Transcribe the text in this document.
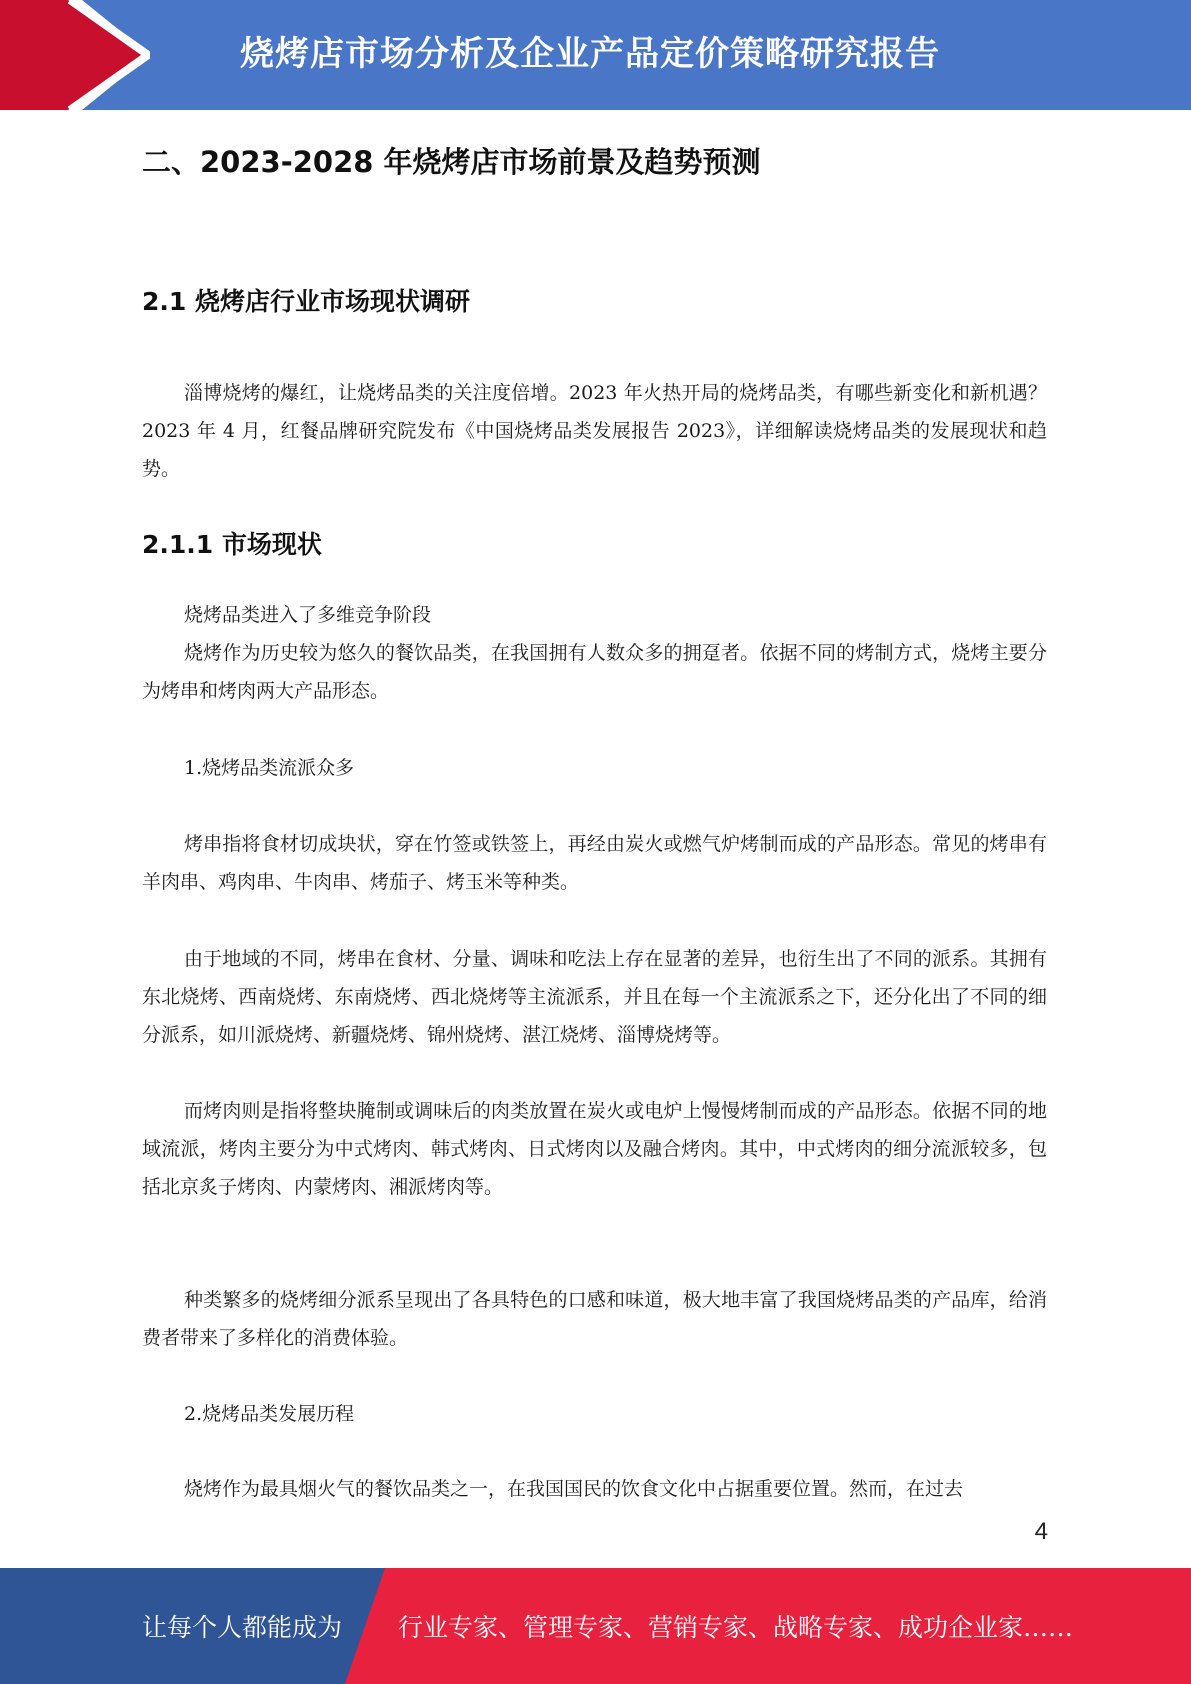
烧烤店市场分析及企业产品定价策略研究报告
二、2023-2028 年烧烤店市场前景及趋势预测
2.1 烧烤店行业市场现状调研

淄博烧烤的爆红，让烧烤品类的关注度倍增。2023 年火热开局的烧烤品类，有哪些新变化和新机遇？2023 年 4 月，红餐品牌研究院发布《中国烧烤品类发展报告 2023》，详细解读烧烤品类的发展现状和趋势。

2.1.1 市场现状

烧烤品类进入了多维竞争阶段

烧烤作为历史较为悠久的餐饮品类，在我国拥有人数众多的拥趸者。依据不同的烤制方式，烧烤主要分为烤串和烤肉两大产品形态。

1.烧烤品类流派众多

烤串指将食材切成块状，穿在竹签或铁签上，再经由炭火或燃气炉烤制而成的产品形态。常见的烤串有羊肉串、鸡肉串、牛肉串、烤茄子、烤玉米等种类。

由于地域的不同，烤串在食材、分量、调味和吃法上存在显著的差异，也衍生出了不同的派系。其拥有东北烧烤、西南烧烤、东南烧烤、西北烧烤等主流派系，并且在每一个主流派系之下，还分化出了不同的细分派系，如川派烧烤、新疆烧烤、锦州烧烤、湛江烧烤、淄博烧烤等。

而烤肉则是指将整块腌制或调味后的肉类放置在炭火或电炉上慢慢烤制而成的产品形态。依据不同的地域流派，烤肉主要分为中式烤肉、韩式烤肉、日式烤肉以及融合烤肉。其中，中式烤肉的细分流派较多，包括北京炙子烤肉、内蒙烤肉、湘派烤肉等。

种类繁多的烧烤细分派系呈现出了各具特色的口感和味道，极大地丰富了我国烧烤品类的产品库，给消费者带来了多样化的消费体验。

2.烧烤品类发展历程

烧烤作为最具烟火气的餐饮品类之一，在我国国民的饮食文化中占据重要位置。然而，在过去

4
让每个人都能成为 行业专家、管理专家、营销专家、战略专家、成功企业家……
